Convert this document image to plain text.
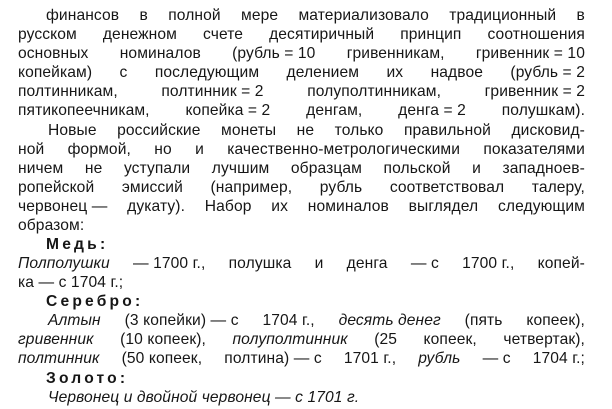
финансов в полной мере материализовало традиционный в
русском денежном счете десятиричный принцип соотношения
основных номиналов (рубль = 10 гривенникам, гривенник = 10
копейкам) с последующим делением их надвое (рубль = 2
полтинникам,	полтинник = 2	полуполтинникам,	гривенник = 2
пятикопеечникам, копейка = 2 денгам, денга = 2 полушкам).
Новые российские монеты не только правильной дисковид-
ной формой, но и качественно-метрологическими показателями
ничем не уступали лучшим образцам польской и западноев-
ропейской эмиссий (например, рубль соответствовал талеру,
червонец — дукату). Набор их номиналов выглядел следующим
образом:
Медь:
Полполушки — 1700 г., полушка и денга — с 1700 г., копей-
ка — с 1704 г.;
Серебро:
Алтын (3 копейки) — с 1704 г., десять денег (пять копеек),
гривенник (10 копеек), полуполтинник (25 копеек, четвертак),
полтинник (50 копеек, полтина) — с 1701 г., рубль — с 1704 г.;
Золото:
Червонец и двойной червонец — с 1701 г.
